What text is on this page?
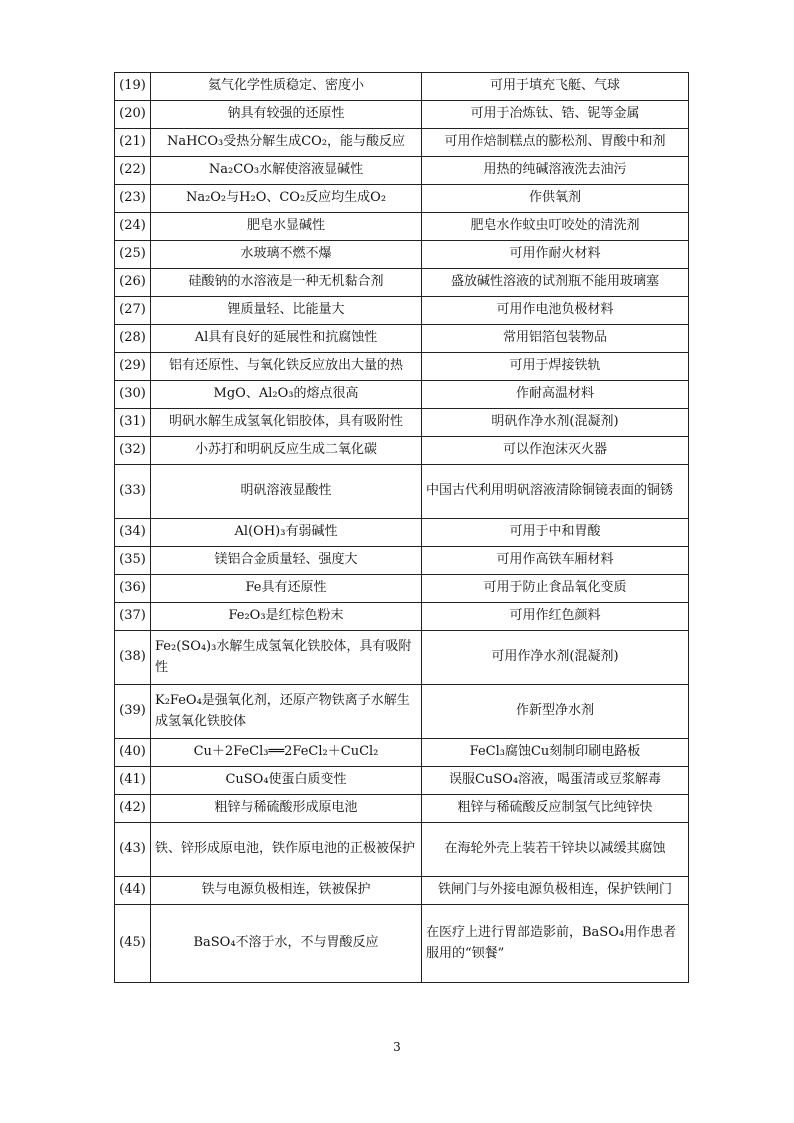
(19)	氦气化学性质稳定、密度小	可用于填充飞艇、气球
(20)	钠具有较强的还原性	可用于冶炼钛、锆、铌等金属
(21)	NaHCO₃受热分解生成CO₂，能与酸反应	可用作焙制糕点的膨松剂、胃酸中和剂
(22)	Na₂CO₃水解使溶液显碱性	用热的纯碱溶液洗去油污
(23)	Na₂O₂与H₂O、CO₂反应均生成O₂	作供氧剂
(24)	肥皂水显碱性	肥皂水作蚊虫叮咬处的清洗剂
(25)	水玻璃不燃不爆	可用作耐火材料
(26)	硅酸钠的水溶液是一种无机黏合剂	盛放碱性溶液的试剂瓶不能用玻璃塞
(27)	锂质量轻、比能量大	可用作电池负极材料
(28)	Al具有良好的延展性和抗腐蚀性	常用铝箔包装物品
(29)	铝有还原性、与氧化铁反应放出大量的热	可用于焊接铁轨
(30)	MgO、Al₂O₃的熔点很高	作耐高温材料
(31)	明矾水解生成氢氧化铝胶体，具有吸附性	明矾作净水剂(混凝剂)
(32)	小苏打和明矾反应生成二氧化碳	可以作泡沫灭火器
(33)	明矾溶液显酸性	中国古代利用明矾溶液清除铜镜表面的铜锈
(34)	Al(OH)₃有弱碱性	可用于中和胃酸
(35)	镁铝合金质量轻、强度大	可用作高铁车厢材料
(36)	Fe具有还原性	可用于防止食品氧化变质
(37)	Fe₂O₃是红棕色粉末	可用作红色颜料
(38)	Fe₂(SO₄)₃水解生成氢氧化铁胶体，具有吸附性	可用作净水剂(混凝剂)
(39)	K₂FeO₄是强氧化剂，还原产物铁离子水解生成氢氧化铁胶体	作新型净水剂
(40)	Cu＋2FeCl₃══2FeCl₂＋CuCl₂	FeCl₃腐蚀Cu刻制印刷电路板
(41)	CuSO₄使蛋白质变性	误服CuSO₄溶液，喝蛋清或豆浆解毒
(42)	粗锌与稀硫酸形成原电池	粗锌与稀硫酸反应制氢气比纯锌快
(43)	铁、锌形成原电池，铁作原电池的正极被保护	在海轮外壳上装若干锌块以减缓其腐蚀
(44)	铁与电源负极相连，铁被保护	铁闸门与外接电源负极相连，保护铁闸门
(45)	BaSO₄不溶于水，不与胃酸反应	在医疗上进行胃部造影前，BaSO₄用作患者服用的“钡餐”
3
